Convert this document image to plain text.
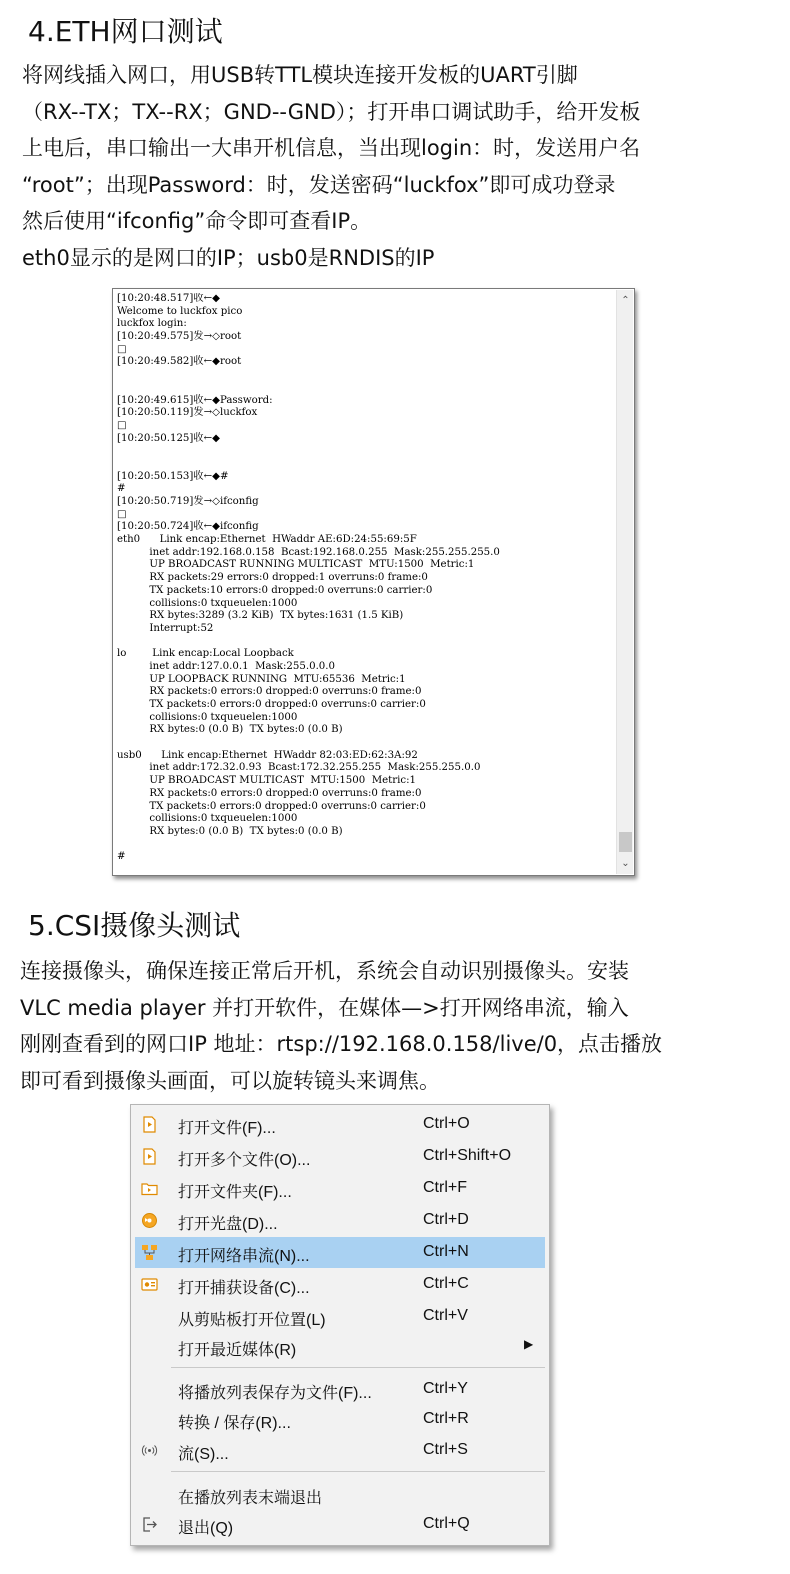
4.ETH网口测试
将网线插入网口，用USB转TTL模块连接开发板的UART引脚
（RX--TX；TX--RX；GND--GND）；打开串口调试助手，给开发板
上电后，串口输出一大串开机信息，当出现login：时，发送用户名
“root”；出现Password：时，发送密码“luckfox”即可成功登录
然后使用“ifconfig”命令即可查看IP。
eth0显示的是网口的IP；usb0是RNDIS的IP
[10:20:48.517]收←◆
Welcome to luckfox pico
luckfox login:
[10:20:49.575]发→◇root
□
[10:20:49.582]收←◆root
[10:20:49.615]收←◆Password:
[10:20:50.119]发→◇luckfox
□
[10:20:50.125]收←◆
[10:20:50.153]收←◆#
#
[10:20:50.719]发→◇ifconfig
□
[10:20:50.724]收←◆ifconfig
eth0      Link encap:Ethernet  HWaddr AE:6D:24:55:69:5F
inet addr:192.168.0.158  Bcast:192.168.0.255  Mask:255.255.255.0
UP BROADCAST RUNNING MULTICAST  MTU:1500  Metric:1
RX packets:29 errors:0 dropped:1 overruns:0 frame:0
TX packets:10 errors:0 dropped:0 overruns:0 carrier:0
collisions:0 txqueuelen:1000
RX bytes:3289 (3.2 KiB)  TX bytes:1631 (1.5 KiB)
Interrupt:52
lo        Link encap:Local Loopback
inet addr:127.0.0.1  Mask:255.0.0.0
UP LOOPBACK RUNNING  MTU:65536  Metric:1
RX packets:0 errors:0 dropped:0 overruns:0 frame:0
TX packets:0 errors:0 dropped:0 overruns:0 carrier:0
collisions:0 txqueuelen:1000
RX bytes:0 (0.0 B)  TX bytes:0 (0.0 B)
usb0      Link encap:Ethernet  HWaddr 82:03:ED:62:3A:92
inet addr:172.32.0.93  Bcast:172.32.255.255  Mask:255.255.0.0
UP BROADCAST MULTICAST  MTU:1500  Metric:1
RX packets:0 errors:0 dropped:0 overruns:0 frame:0
TX packets:0 errors:0 dropped:0 overruns:0 carrier:0
collisions:0 txqueuelen:1000
RX bytes:0 (0.0 B)  TX bytes:0 (0.0 B)
#
⌃
⌄
5.CSI摄像头测试
连接摄像头，确保连接正常后开机，系统会自动识别摄像头。安装
VLC media player 并打开软件，在媒体—>打开网络串流，输入
刚刚查看到的网口IP 地址：rtsp://192.168.0.158/live/0，点击播放
即可看到摄像头画面，可以旋转镜头来调焦。
打开文件(F)...	Ctrl+O
打开多个文件(O)...	Ctrl+Shift+O
打开文件夹(F)...	Ctrl+F
打开光盘(D)...	Ctrl+D
打开网络串流(N)...	Ctrl+N
打开捕获设备(C)...	Ctrl+C
从剪贴板打开位置(L)	Ctrl+V
打开最近媒体(R)	▶
将播放列表保存为文件(F)...	Ctrl+Y
转换 / 保存(R)...	Ctrl+R
流(S)...	Ctrl+S
在播放列表末端退出
退出(Q)	Ctrl+Q
